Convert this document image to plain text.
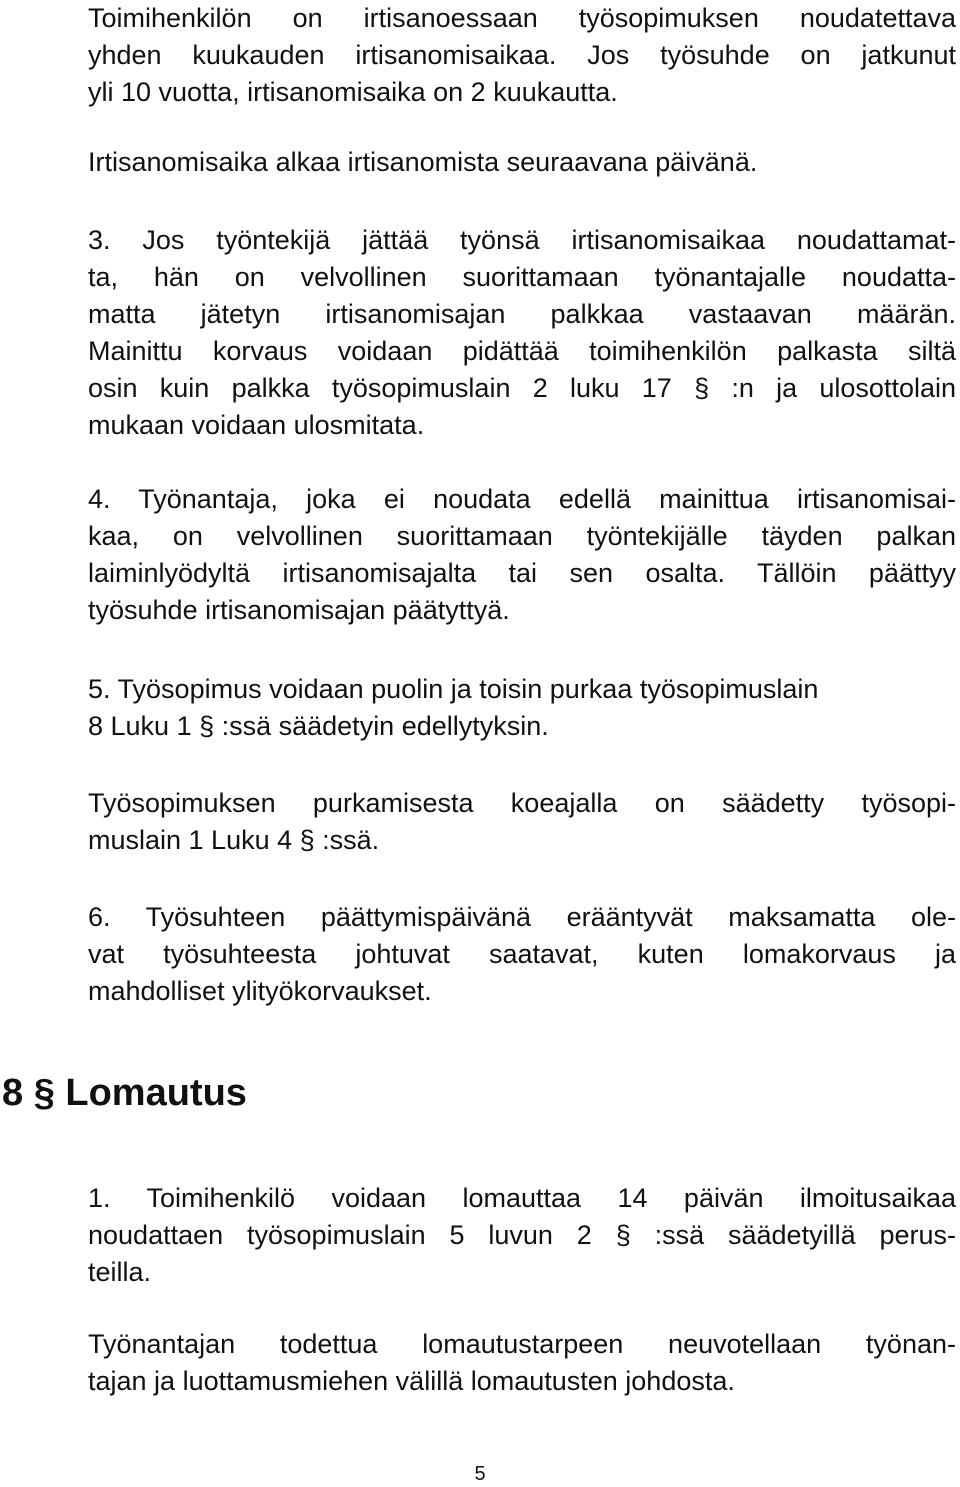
Toimihenkilön on irtisanoessaan työsopimuksen noudatettava
yhden kuukauden irtisanomisaikaa. Jos työsuhde on jatkunut
yli 10 vuotta, irtisanomisaika on 2 kuukautta.

Irtisanomisaika alkaa irtisanomista seuraavana päivänä.

3. Jos työntekijä jättää työnsä irtisanomisaikaa noudattamat-
ta, hän on velvollinen suorittamaan työnantajalle noudatta-
matta jätetyn irtisanomisajan palkkaa vastaavan määrän.
Mainittu korvaus voidaan pidättää toimihenkilön palkasta siltä
osin kuin palkka työsopimuslain 2 luku 17 § :n ja ulosottolain
mukaan voidaan ulosmitata.

4. Työnantaja, joka ei noudata edellä mainittua irtisanomisai-
kaa, on velvollinen suorittamaan työntekijälle täyden palkan
laiminlyödyltä irtisanomisajalta tai sen osalta. Tällöin päättyy
työsuhde irtisanomisajan päätyttyä.

5. Työsopimus voidaan puolin ja toisin purkaa työsopimuslain
8 Luku 1 § :ssä säädetyin edellytyksin.

Työsopimuksen purkamisesta koeajalla on säädetty työsopi-
muslain 1 Luku 4 § :ssä.

6. Työsuhteen päättymispäivänä erääntyvät maksamatta ole-
vat työsuhteesta johtuvat saatavat, kuten lomakorvaus ja
mahdolliset ylityökorvaukset.

8 § Lomautus

1. Toimihenkilö voidaan lomauttaa 14 päivän ilmoitusaikaa
noudattaen työsopimuslain 5 luvun 2 § :ssä säädetyillä perus-
teilla.

Työnantajan todettua lomautustarpeen neuvotellaan työnan-
tajan ja luottamusmiehen välillä lomautusten johdosta.

5
